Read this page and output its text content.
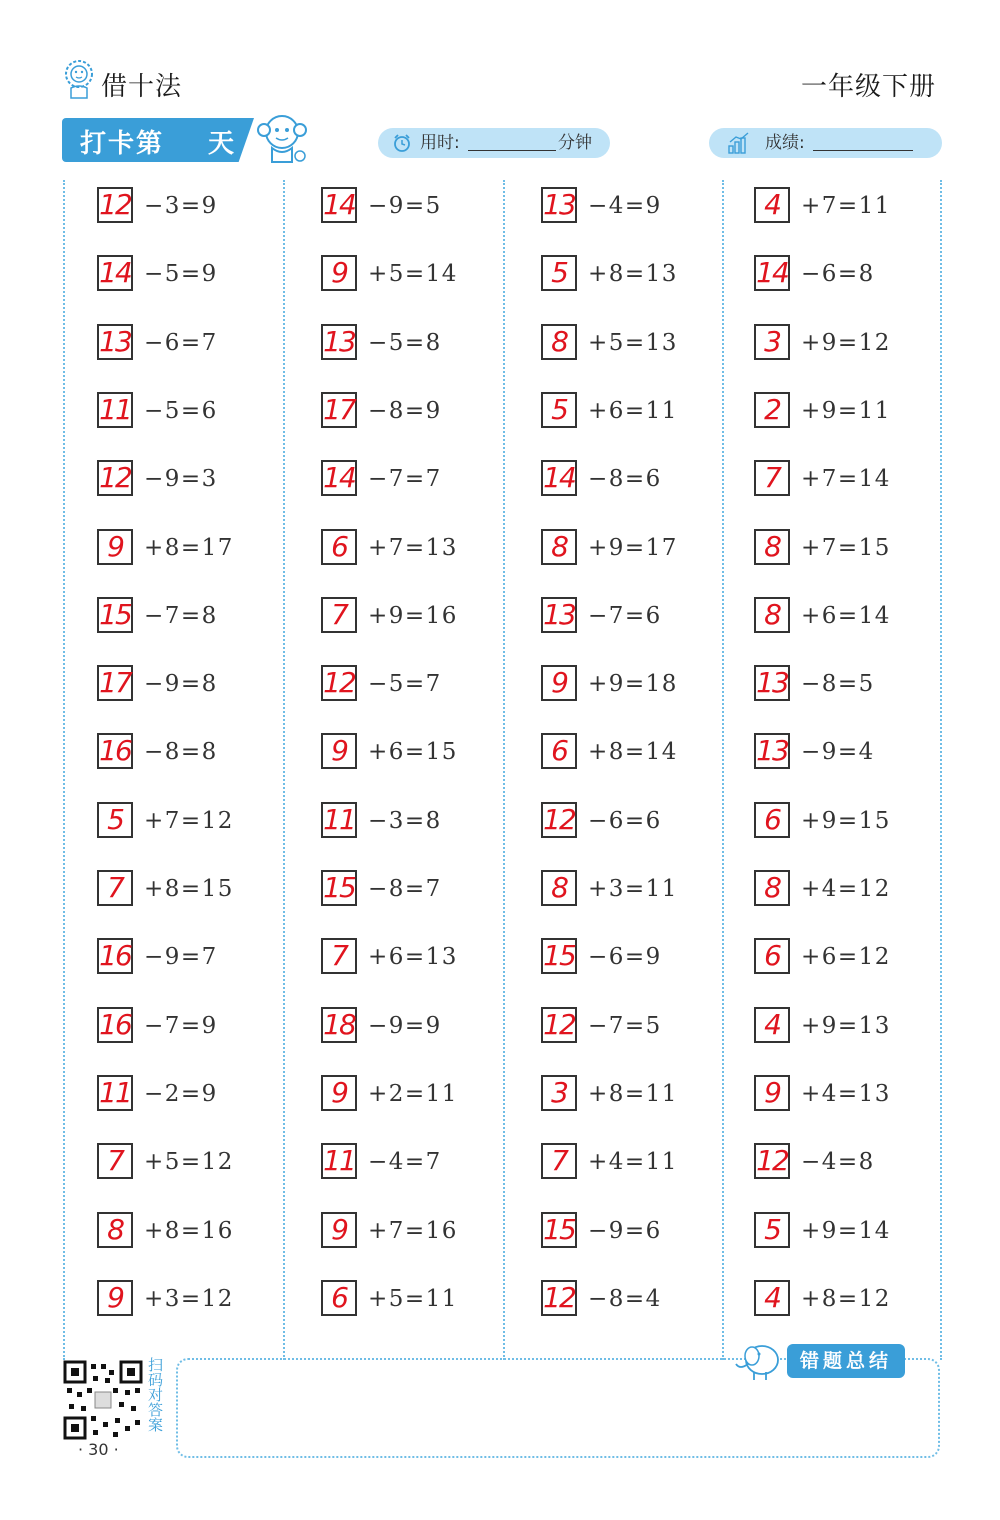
借十法	一年级下册
打卡第 天	用时:	分钟	成绩:
12 −3=9
14 −5=9
13 −6=7
11 −5=6
12 −9=3
9 +8=17
15 −7=8
17 −9=8
16 −8=8
5 +7=12
7 +8=15
16 −9=7
16 −7=9
11 −2=9
7 +5=12
8 +8=16
9 +3=12
14 −9=5
9 +5=14
13 −5=8
17 −8=9
14 −7=7
6 +7=13
7 +9=16
12 −5=7
9 +6=15
11 −3=8
15 −8=7
7 +6=13
18 −9=9
9 +2=11
11 −4=7
9 +7=16
6 +5=11
13 −4=9
5 +8=13
8 +5=13
5 +6=11
14 −8=6
8 +9=17
13 −7=6
9 +9=18
6 +8=14
12 −6=6
8 +3=11
15 −6=9
12 −7=5
3 +8=11
7 +4=11
15 −9=6
12 −8=4
4 +7=11
14 −6=8
3 +9=12
2 +9=11
7 +7=14
8 +7=15
8 +6=14
13 −8=5
13 −9=4
6 +9=15
8 +4=12
6 +6=12
4 +9=13
9 +4=13
12 −4=8
5 +9=14
4 +8=12
扫码对答案
· 30 ·
错题总结
